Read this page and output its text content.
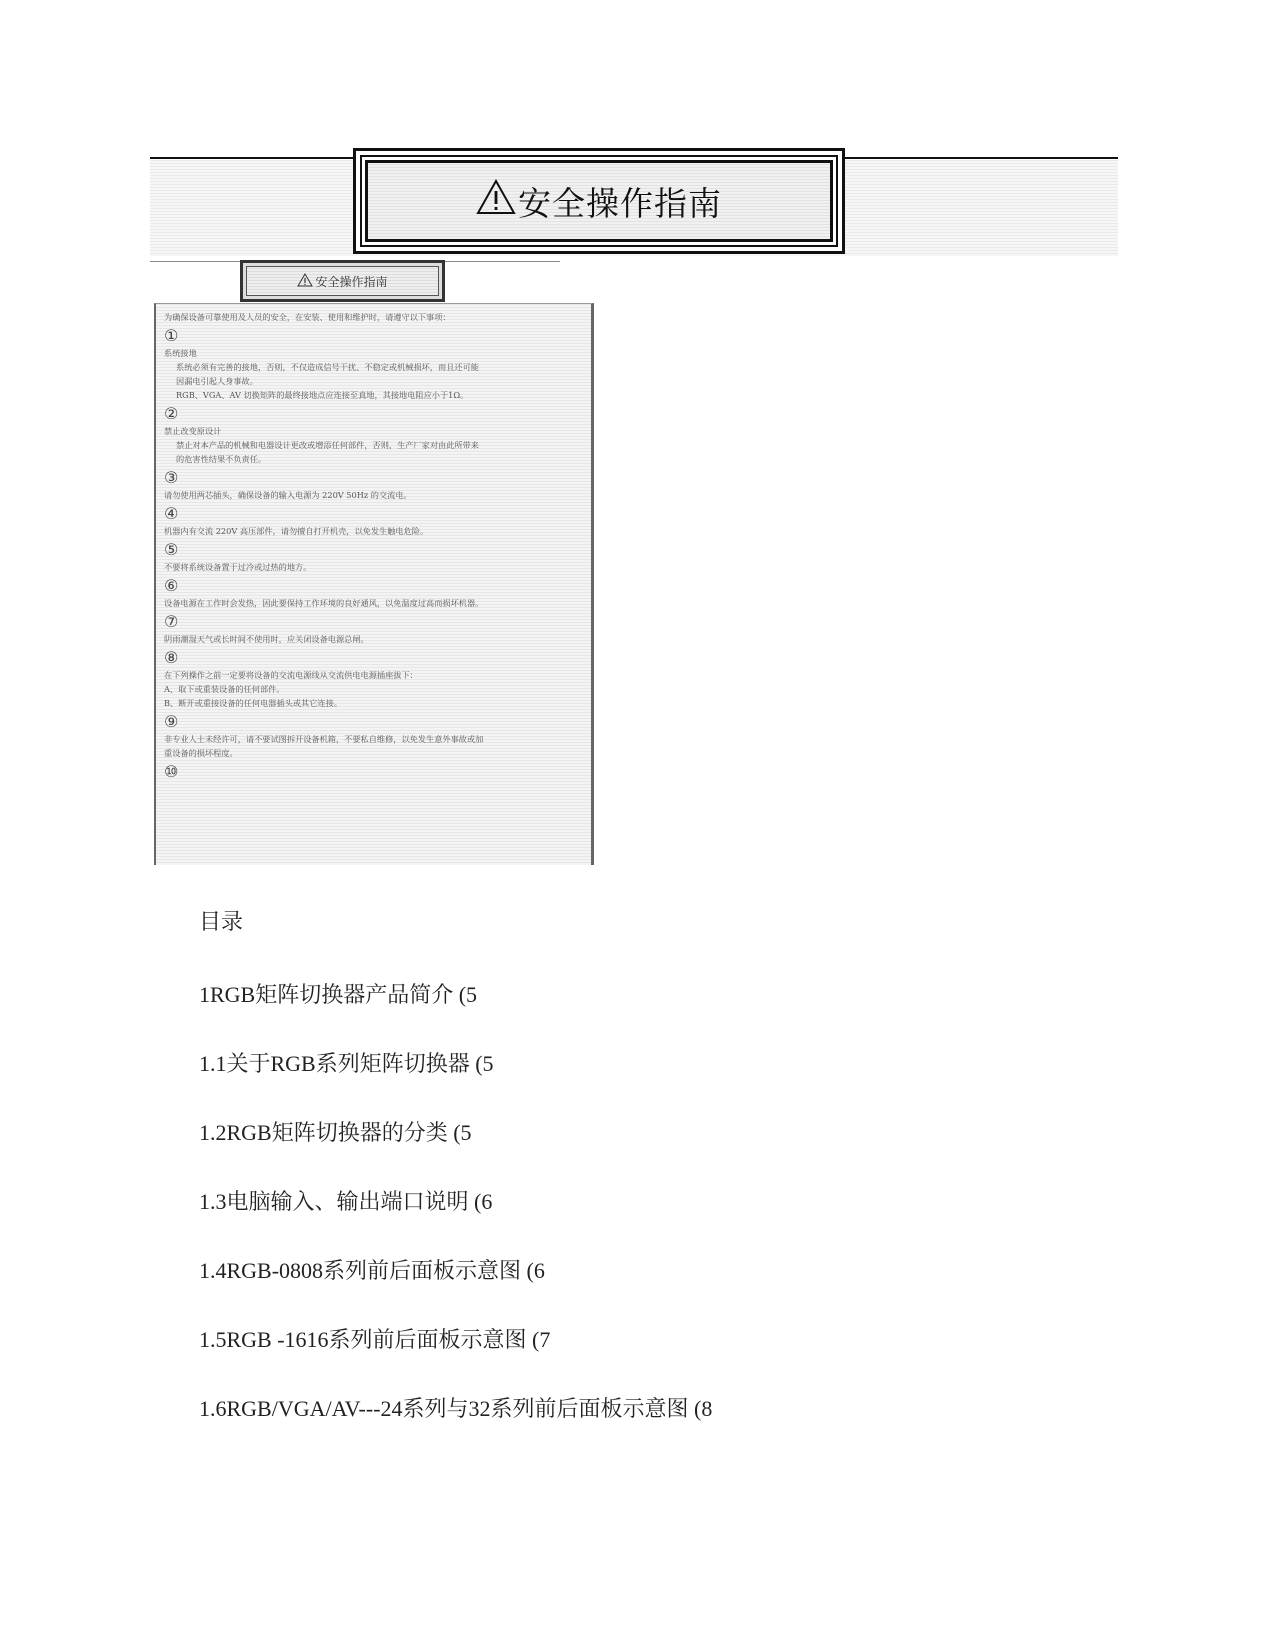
安全操作指南
安全操作指南

为确保设备可靠使用及人员的安全，在安装、使用和维护时，请遵守以下事项：

①
系统接地
系统必须有完善的接地，否则，不仅造成信号干扰、不稳定或机械损坏，而且还可能
因漏电引起人身事故。
RGB、VGA、AV 切换矩阵的最终接地点应连接至真地，其接地电阻应小于1Ω。
②
禁止改变原设计
禁止对本产品的机械和电器设计更改或增添任何部件，否则，生产厂家对由此所带来
的危害性结果不负责任。
③
请勿使用两芯插头，确保设备的输入电源为 220V 50Hz 的交流电。
④
机器内有交流 220V 高压部件，请勿擅自打开机壳，以免发生触电危险。
⑤
不要将系统设备置于过冷或过热的地方。
⑥
设备电源在工作时会发热，因此要保持工作环境的良好通风，以免温度过高而损坏机器。
⑦
阴雨潮湿天气或长时间不使用时，应关闭设备电源总闸。
⑧
在下列操作之前一定要将设备的交流电源线从交流供电电源插座拔下：
A、取下或重装设备的任何部件。
B、断开或重接设备的任何电器插头或其它连接。
⑨
非专业人士未经许可，请不要试图拆开设备机箱，不要私自维修，以免发生意外事故或加
重设备的损坏程度。
⑩
目录
1RGB矩阵切换器产品简介 (5
1.1关于RGB系列矩阵切换器 (5
1.2RGB矩阵切换器的分类 (5
1.3电脑输入、输出端口说明 (6
1.4RGB-0808系列前后面板示意图 (6
1.5RGB -1616系列前后面板示意图 (7
1.6RGB/VGA/AV---24系列与32系列前后面板示意图 (8
